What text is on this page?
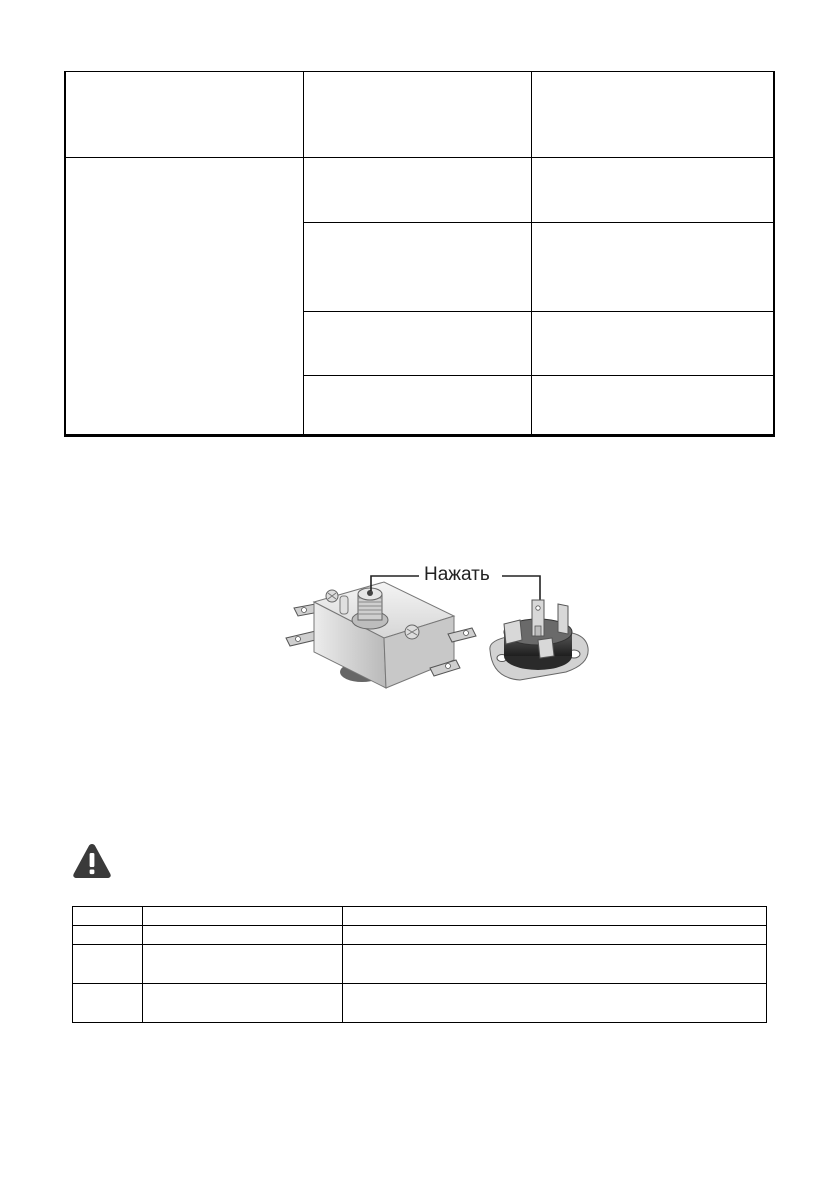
Нажать
